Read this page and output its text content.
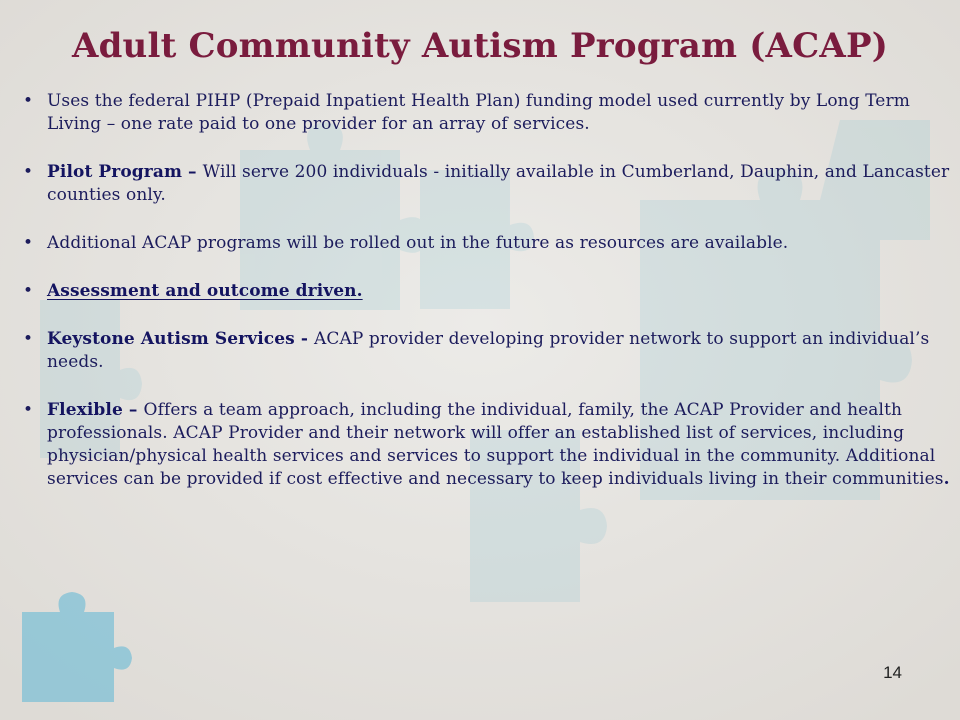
Adult Community Autism Program (ACAP)
• Uses the federal PIHP (Prepaid Inpatient Health Plan) funding model used currently by Long Term Living – one rate paid to one provider for an array of services.
• Pilot Program – Will serve 200 individuals - initially available in Cumberland, Dauphin, and Lancaster counties only.
• Additional ACAP programs will be rolled out in the future as resources are available.
• Assessment and outcome driven.
• Keystone Autism Services - ACAP provider developing provider network to support an individual’s needs.
• Flexible – Offers a team approach, including the individual, family, the ACAP Provider and health professionals. ACAP Provider and their network will offer an established list of services, including physician/physical health services and services to support the individual in the community. Additional services can be provided if cost effective and necessary to keep individuals living in their communities.
14
